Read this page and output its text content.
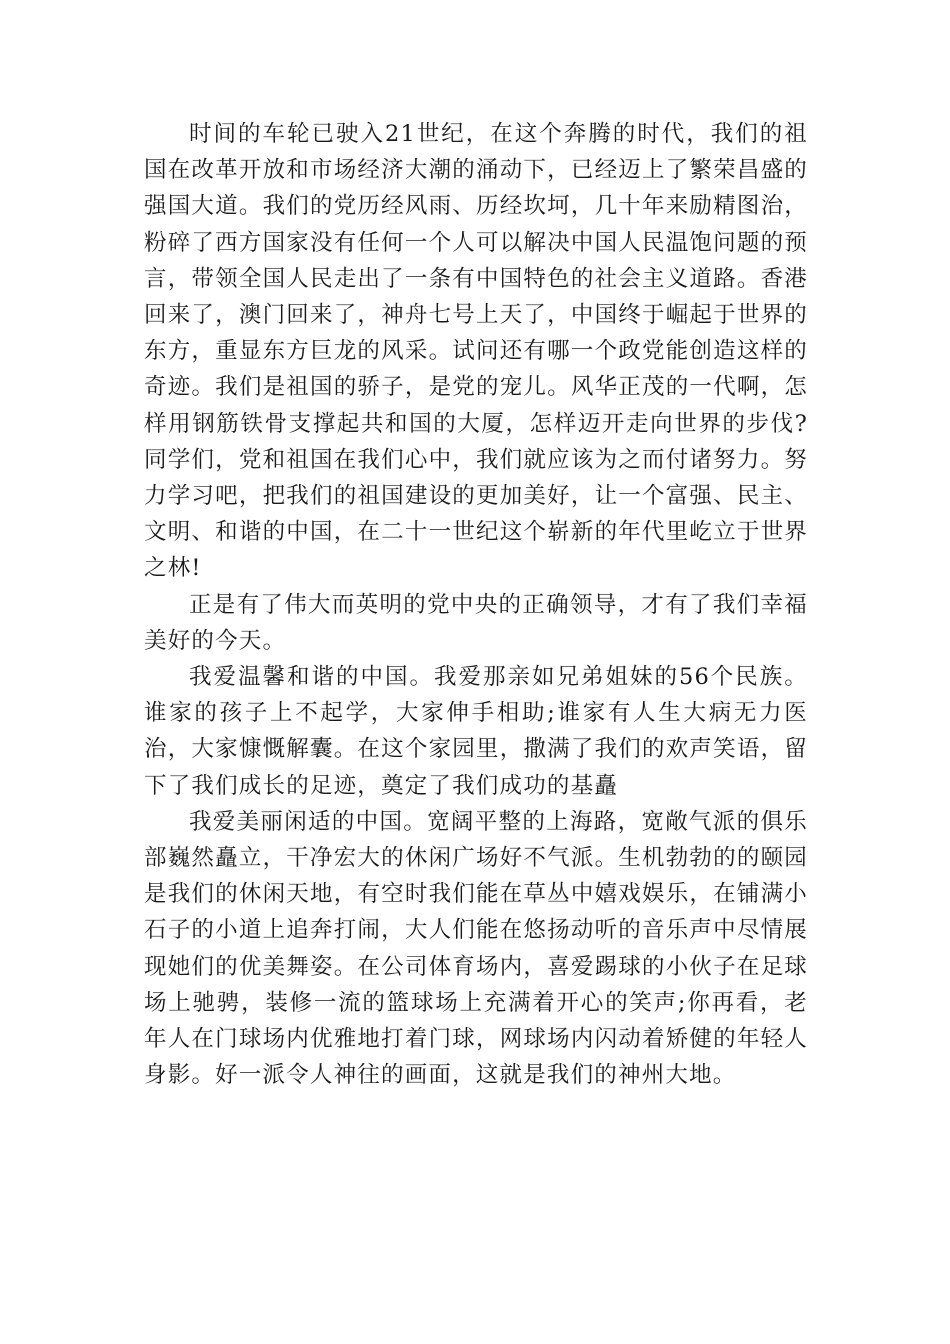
时间的车轮已驶入21世纪，在这个奔腾的时代，我们的祖国在改革开放和市场经济大潮的涌动下，已经迈上了繁荣昌盛的强国大道。我们的党历经风雨、历经坎坷，几十年来励精图治，粉碎了西方国家没有任何一个人可以解决中国人民温饱问题的预言，带领全国人民走出了一条有中国特色的社会主义道路。香港回来了，澳门回来了，神舟七号上天了，中国终于崛起于世界的东方，重显东方巨龙的风采。试问还有哪一个政党能创造这样的奇迹。我们是祖国的骄子，是党的宠儿。风华正茂的一代啊，怎样用钢筋铁骨支撑起共和国的大厦，怎样迈开走向世界的步伐?同学们，党和祖国在我们心中，我们就应该为之而付诸努力。努力学习吧，把我们的祖国建设的更加美好，让一个富强、民主、文明、和谐的中国，在二十一世纪这个崭新的年代里屹立于世界之林!

正是有了伟大而英明的党中央的正确领导，才有了我们幸福美好的今天。

我爱温馨和谐的中国。我爱那亲如兄弟姐妹的56个民族。谁家的孩子上不起学，大家伸手相助;谁家有人生大病无力医治，大家慷慨解囊。在这个家园里，撒满了我们的欢声笑语，留下了我们成长的足迹，奠定了我们成功的基矗

我爱美丽闲适的中国。宽阔平整的上海路，宽敞气派的俱乐部巍然矗立，干净宏大的休闲广场好不气派。生机勃勃的的颐园是我们的休闲天地，有空时我们能在草丛中嬉戏娱乐，在铺满小石子的小道上追奔打闹，大人们能在悠扬动听的音乐声中尽情展现她们的优美舞姿。在公司体育场内，喜爱踢球的小伙子在足球场上驰骋，装修一流的篮球场上充满着开心的笑声;你再看，老年人在门球场内优雅地打着门球，网球场内闪动着矫健的年轻人身影。好一派令人神往的画面，这就是我们的神州大地。
